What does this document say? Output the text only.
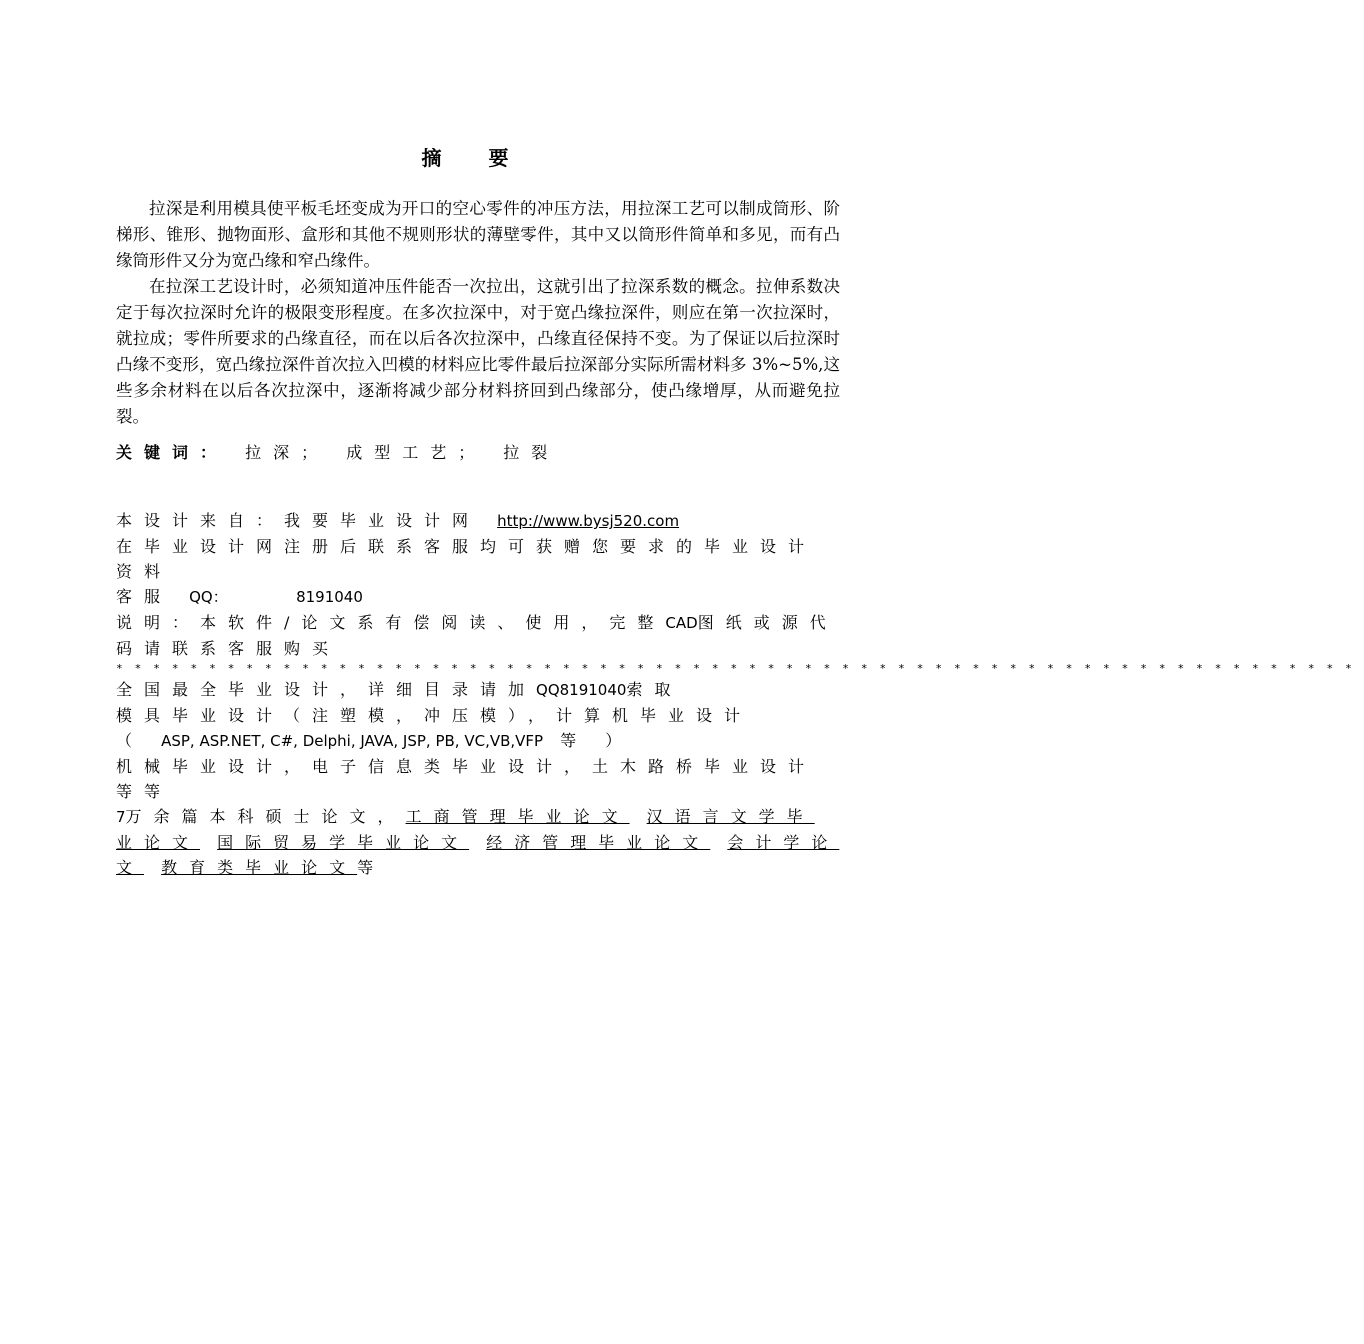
摘 要

拉深是利用模具使平板毛坯变成为开口的空心零件的冲压方法，用拉深工艺可以制成筒形、阶梯形、锥形、抛物面形、盒形和其他不规则形状的薄壁零件，其中又以筒形件简单和多见，而有凸缘筒形件又分为宽凸缘和窄凸缘件。

在拉深工艺设计时，必须知道冲压件能否一次拉出，这就引出了拉深系数的概念。拉伸系数决定于每次拉深时允许的极限变形程度。在多次拉深中，对于宽凸缘拉深件，则应在第一次拉深时，就拉成；零件所要求的凸缘直径，而在以后各次拉深中，凸缘直径保持不变。为了保证以后拉深时凸缘不变形，宽凸缘拉深件首次拉入凹模的材料应比零件最后拉深部分实际所需材料多 3%~5%,这些多余材料在以后各次拉深中，逐渐将减少部分材料挤回到凸缘部分，使凸缘增厚，从而避免拉裂。

关键词： 拉深； 成型工艺； 拉裂
本设计来自：我要毕业设计网 http://www.bysj520.com
在毕业设计网注册后联系客服均可获赠您要求的毕业设计资料
客服 QQ：	8191040
说明：本软件/论文系有偿阅读、使用，完整CAD图纸或源代码请联系客服购买
*******************************************************************
全国最全毕业设计，详细目录请加QQ8191040索取
模具毕业设计（注塑模，冲压模），计算机毕业设计
（ ASP, ASP.NET, C#, Delphi, JAVA, JSP, PB, VC,VB,VFP 等 ）
机械毕业设计，电子信息类毕业设计，土木路桥毕业设计等等
7万余篇本科硕士论文，工商管理毕业论文 汉语言文学毕业论文 国际贸易学毕业论文 经济管理毕业论文 会计学论文 教育类毕业论文等
